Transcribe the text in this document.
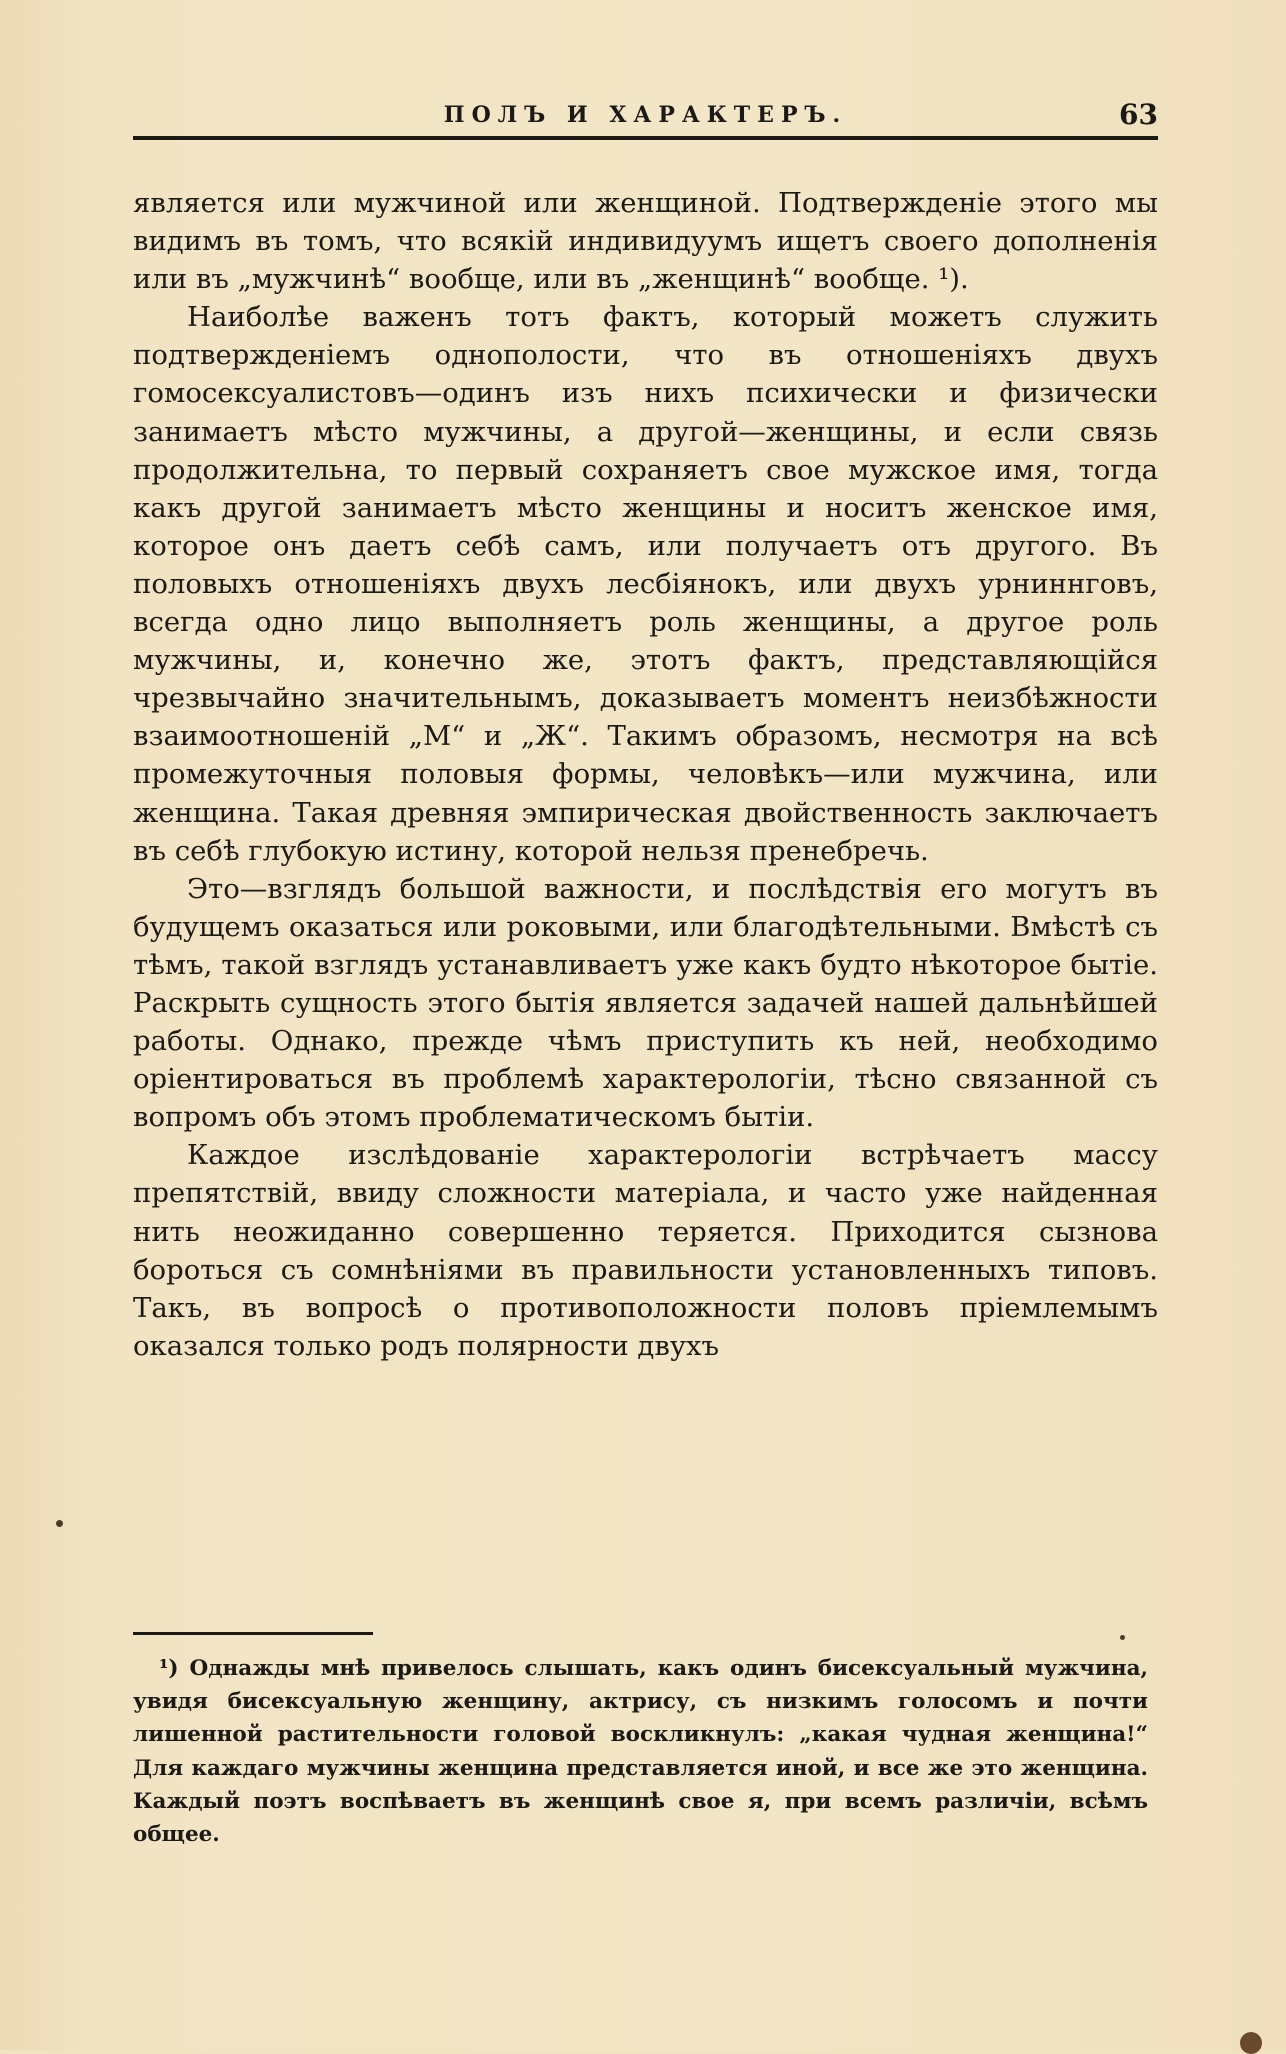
ПОЛЪ И ХАРАКТЕРЪ.	63

является или мужчиной или женщиной. Подтвержденіе этого мы видимъ въ томъ, что всякій индивидуумъ ищетъ своего дополненія или въ „мужчинѣ“ вообще, или въ „женщинѣ“ вообще. ¹).

Наиболѣе важенъ тотъ фактъ, который можетъ служить подтвержденіемъ однополости, что въ отношеніяхъ двухъ гомосексуалистовъ—одинъ изъ нихъ психически и физически занимаетъ мѣсто мужчины, а другой—женщины, и если связь продолжительна, то первый сохраняетъ свое мужское имя, тогда какъ другой занимаетъ мѣсто женщины и носитъ женское имя, которое онъ даетъ себѣ самъ, или получаетъ отъ другого. Въ половыхъ отношеніяхъ двухъ лесбіянокъ, или двухъ урниннговъ, всегда одно лицо выполняетъ роль женщины, а другое роль мужчины, и, конечно же, этотъ фактъ, представляющійся чрезвычайно значительнымъ, доказываетъ моментъ неизбѣжности взаимоотношеній „М“ и „Ж“. Такимъ образомъ, несмотря на всѣ промежуточныя половыя формы, человѣкъ—или мужчина, или женщина. Такая древняя эмпирическая двойственность заключаетъ въ себѣ глубокую истину, которой нельзя пренебречь.

Это—взглядъ большой важности, и послѣдствія его могутъ въ будущемъ оказаться или роковыми, или благодѣтельными. Вмѣстѣ съ тѣмъ, такой взглядъ устанавливаетъ уже какъ будто нѣкоторое бытіе. Раскрыть сущность этого бытія является задачей нашей дальнѣйшей работы. Однако, прежде чѣмъ приступить къ ней, необходимо оріентироваться въ проблемѣ характерологіи, тѣсно связанной съ вопромъ объ этомъ проблематическомъ бытіи.

Каждое изслѣдованіе характерологіи встрѣчаетъ массу препятствій, ввиду сложности матеріала, и часто уже найденная нить неожиданно совершенно теряется. Приходится сызнова бороться съ сомнѣніями въ правильности установленныхъ типовъ. Такъ, въ вопросѣ о противоположности половъ пріемлемымъ оказался только родъ полярности двухъ

¹) Однажды мнѣ привелось слышать, какъ одинъ бисексуальный мужчина, увидя бисексуальную женщину, актрису, съ низкимъ голосомъ и почти лишенной растительности головой воскликнулъ: „какая чудная женщина!“ Для каждаго мужчины женщина представляется иной, и все же это женщина. Каждый поэтъ воспѣваетъ въ женщинѣ свое я, при всемъ различіи, всѣмъ общее.
